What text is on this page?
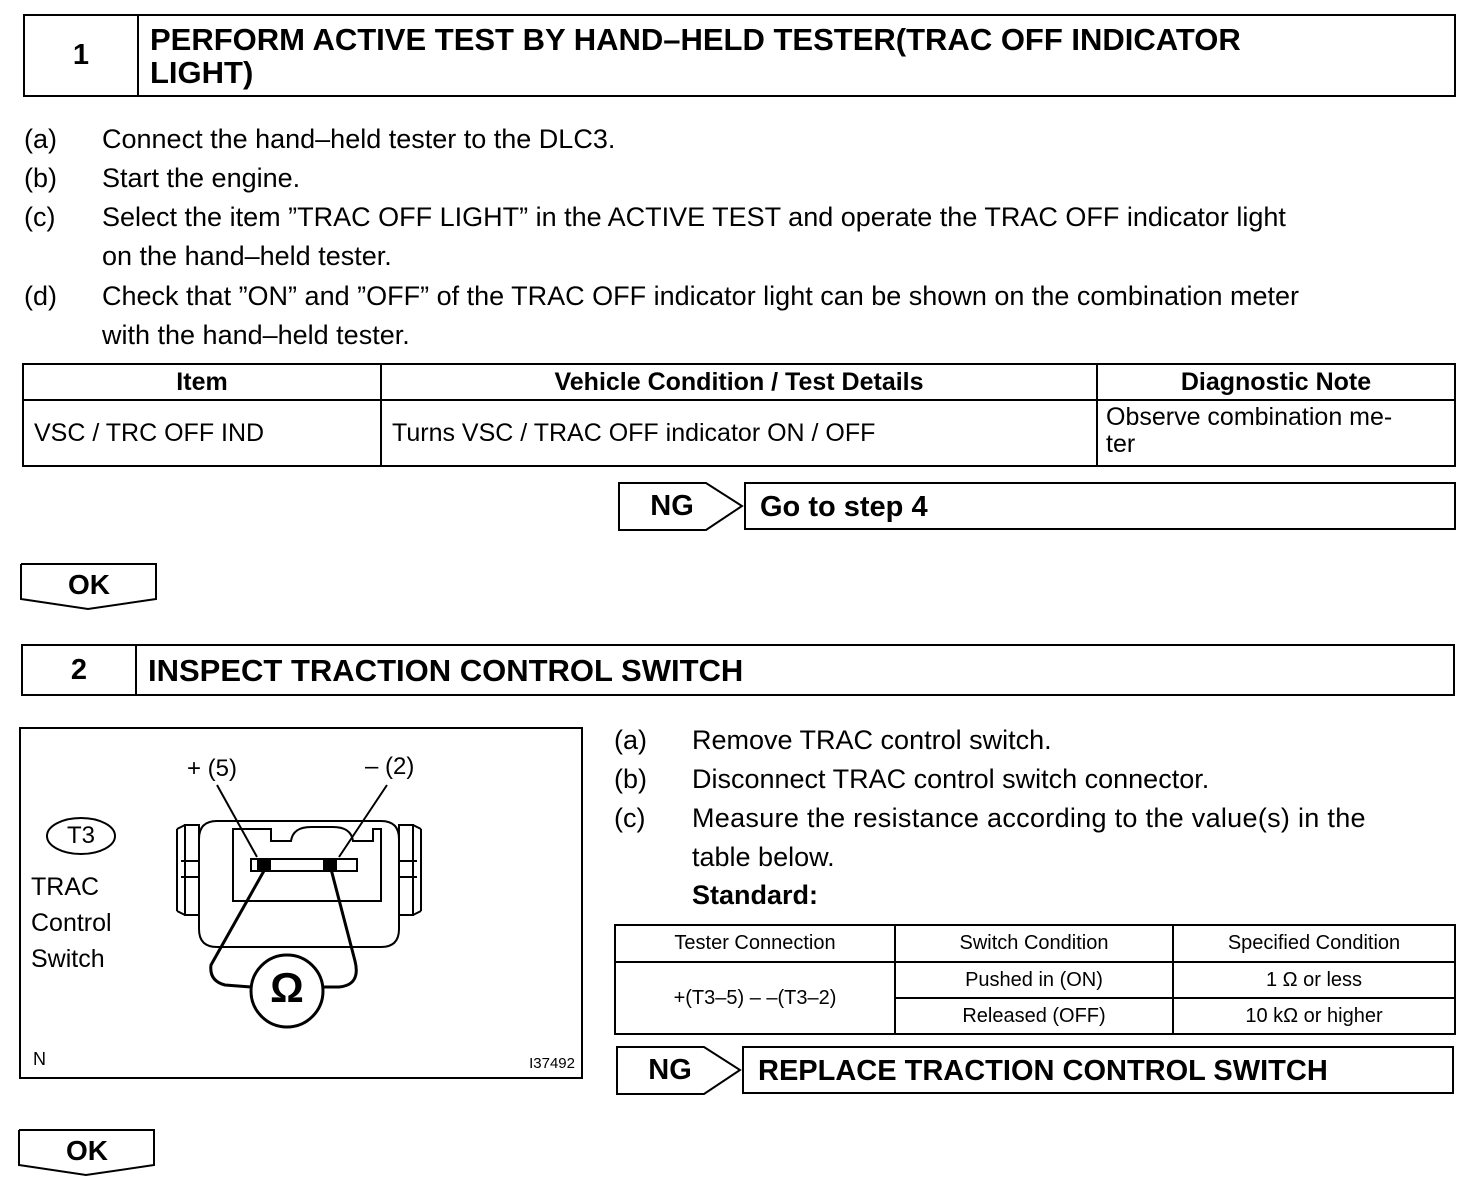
1	PERFORM ACTIVE TEST BY HAND–HELD TESTER(TRAC OFF INDICATOR
LIGHT)
(a) Connect the hand–held tester to the DLC3.
(b) Start the engine.
(c) Select the item ”TRAC OFF LIGHT” in the ACTIVE TEST and operate the TRAC OFF indicator light
on the hand–held tester.
(d) Check that ”ON” and ”OFF” of the TRAC OFF indicator light can be shown on the combination meter
with the hand–held tester.
Item	Vehicle Condition / Test Details	Diagnostic Note
VSC / TRC OFF IND	Turns VSC / TRAC OFF indicator ON / OFF	Observe combination me-
ter
NG	Go to step 4
OK
2	INSPECT TRACTION CONTROL SWITCH
+ (5)	– (2)
T3
TRAC
Control
Switch
Ω
N	I37492
(a) Remove TRAC control switch.
(b) Disconnect TRAC control switch connector.
(c) Measure the resistance according to the value(s) in the
table below.
Standard:
Tester Connection	Switch Condition	Specified Condition
+(T3–5) – –(T3–2)	Pushed in (ON)	1 Ω or less
	Released (OFF)	10 kΩ or higher
NG	REPLACE TRACTION CONTROL SWITCH
OK
